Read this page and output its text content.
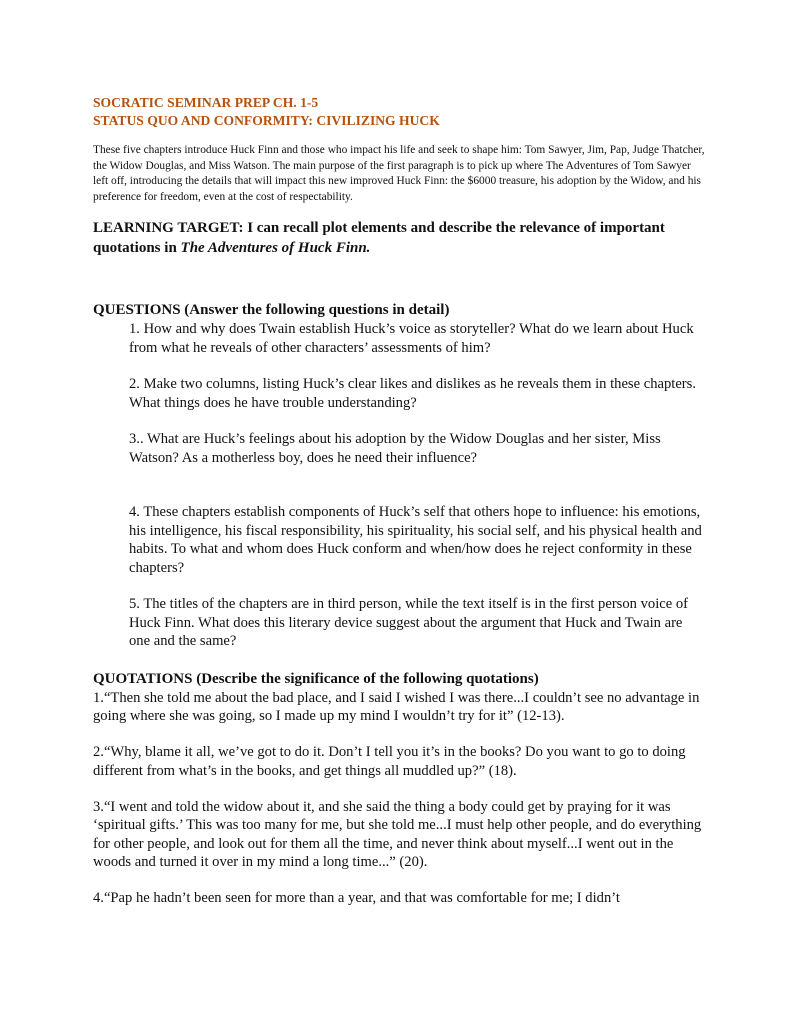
SOCRATIC SEMINAR PREP CH. 1-5

STATUS QUO AND CONFORMITY: CIVILIZING HUCK

These five chapters introduce Huck Finn and those who impact his life and seek to shape him: Tom Sawyer, Jim, Pap, Judge Thatcher, the Widow Douglas, and Miss Watson. The main purpose of the first paragraph is to pick up where The Adventures of Tom Sawyer left off, introducing the details that will impact this new improved Huck Finn: the $6000 treasure, his adoption by the Widow, and his preference for freedom, even at the cost of respectability.

LEARNING TARGET: I can recall plot elements and describe the relevance of important quotations in The Adventures of Huck Finn.

QUESTIONS (Answer the following questions in detail)

1. How and why does Twain establish Huck’s voice as storyteller? What do we learn about Huck from what he reveals of other characters’ assessments of him?

2. Make two columns, listing Huck’s clear likes and dislikes as he reveals them in these chapters. What things does he have trouble understanding?

3.. What are Huck’s feelings about his adoption by the Widow Douglas and her sister, Miss Watson? As a motherless boy, does he need their influence?

4. These chapters establish components of Huck’s self that others hope to influence: his emotions, his intelligence, his fiscal responsibility, his spirituality, his social self, and his physical health and habits. To what and whom does Huck conform and when/how does he reject conformity in these chapters?

5. The titles of the chapters are in third person, while the text itself is in the first person voice of Huck Finn. What does this literary device suggest about the argument that Huck and Twain are one and the same?

QUOTATIONS (Describe the significance of the following quotations)

1.“Then she told me about the bad place, and I said I wished I was there...I couldn’t see no advantage in going where she was going, so I made up my mind I wouldn’t try for it” (12-13).

2.“Why, blame it all, we’ve got to do it. Don’t I tell you it’s in the books? Do you want to go to doing different from what’s in the books, and get things all muddled up?” (18).

3.“I went and told the widow about it, and she said the thing a body could get by praying for it was ‘spiritual gifts.’ This was too many for me, but she told me...I must help other people, and do everything for other people, and look out for them all the time, and never think about myself...I went out in the woods and turned it over in my mind a long time...” (20).

4.“Pap he hadn’t been seen for more than a year, and that was comfortable for me; I didn’t
